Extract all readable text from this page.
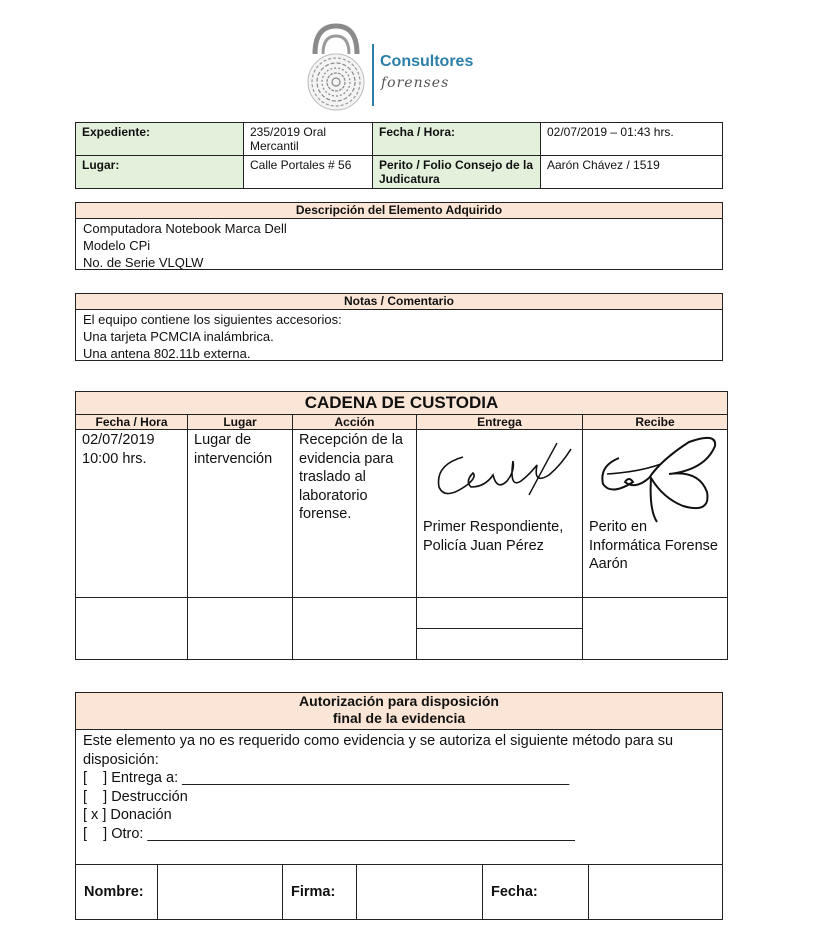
Consultores
forenses
Expediente:	235/2019 Oral Mercantil	Fecha / Hora:	02/07/2019 – 01:43 hrs.
Lugar:	Calle Portales # 56	Perito / Folio Consejo de la Judicatura	Aarón Chávez / 1519
Descripción del Elemento Adquirido
Computadora Notebook Marca Dell
Modelo CPi
No. de Serie VLQLW
Notas / Comentario
El equipo contiene los siguientes accesorios:
Una tarjeta PCMCIA inalámbrica.
Una antena 802.11b externa.
CADENA DE CUSTODIA				
Fecha / Hora	Lugar	Acción	Entrega	Recibe

02/07/2019 10:00 hrs.	Lugar de intervención	Recepción de la evidencia para traslado al laboratorio forense.	Primer Respondiente, Policía Juan Pérez	Perito en Informática Forense Aarón

Autorización para disposición
final de la evidencia
Este elemento ya no es requerido como evidencia y se autoriza el siguiente método para su disposición:
[    ] Entrega a: ________________________________________________
[    ] Destrucción
[ x ] Donación
[    ] Otro: _____________________________________________________

Nombre:		Firma:		Fecha:	
